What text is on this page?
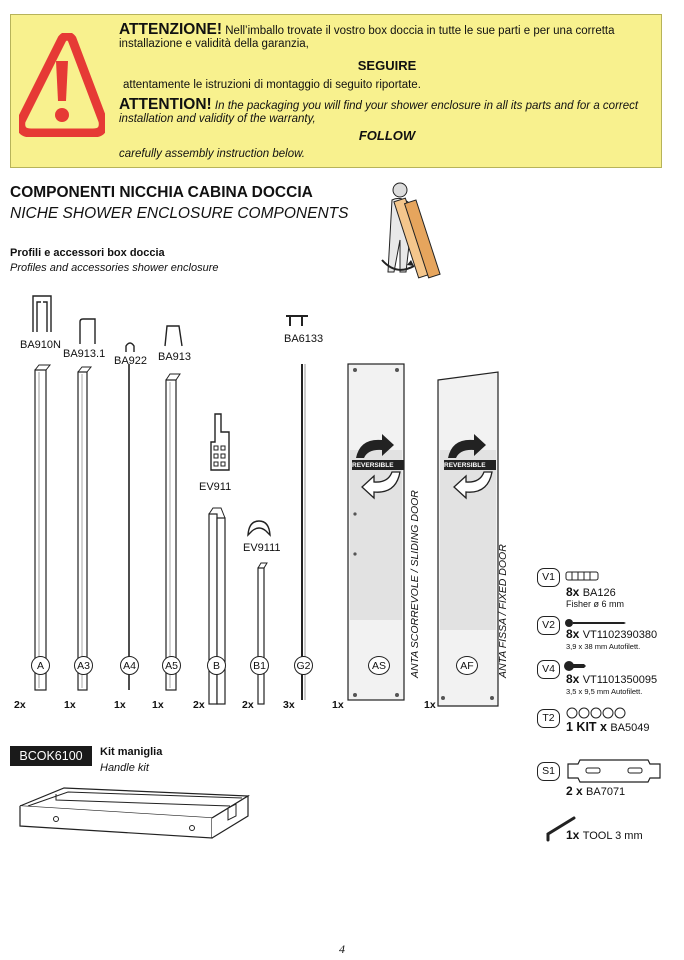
ATTENZIONE! Nell’imballo trovate il vostro box doccia in tutte le sue parti e per una corretta installazione e validità della garanzia,
SEGUIRE
attentamente le istruzioni di montaggio di seguito riportate.
ATTENTION! In the packaging you will find your shower enclosure in all its parts and for a correct installation and validity of the warranty,
FOLLOW
carefully assembly instruction below.
COMPONENTI NICCHIA CABINA DOCCIA
NICHE SHOWER ENCLOSURE COMPONENTS
Profili e accessori box doccia
Profiles and accessories shower enclosure
BA910N
BA913.1
BA922 BA913
EV911
EV9111
BA6133
REVERSIBLE	REVERSIBLE
ANTA SCORREVOLE / SLIDING DOOR	ANTA FISSA / FIXED DOOR
A	A3	A4	A5	B	B1	G2	AS	AF
2x	1x	1x	1x	2x	2x	3x	1x	1x
V1
8x BA126
Fisher ø 6 mm
V2
8x VT1102390380
3,9 x 38 mm Autofilett.
V4
8x VT1101350095
3,5 x 9,5 mm Autofilett.
T2
1 KIT x BA5049
S1
2 x BA7071
1x TOOL 3 mm
BCOK6100	Kit maniglia
Handle kit
4
